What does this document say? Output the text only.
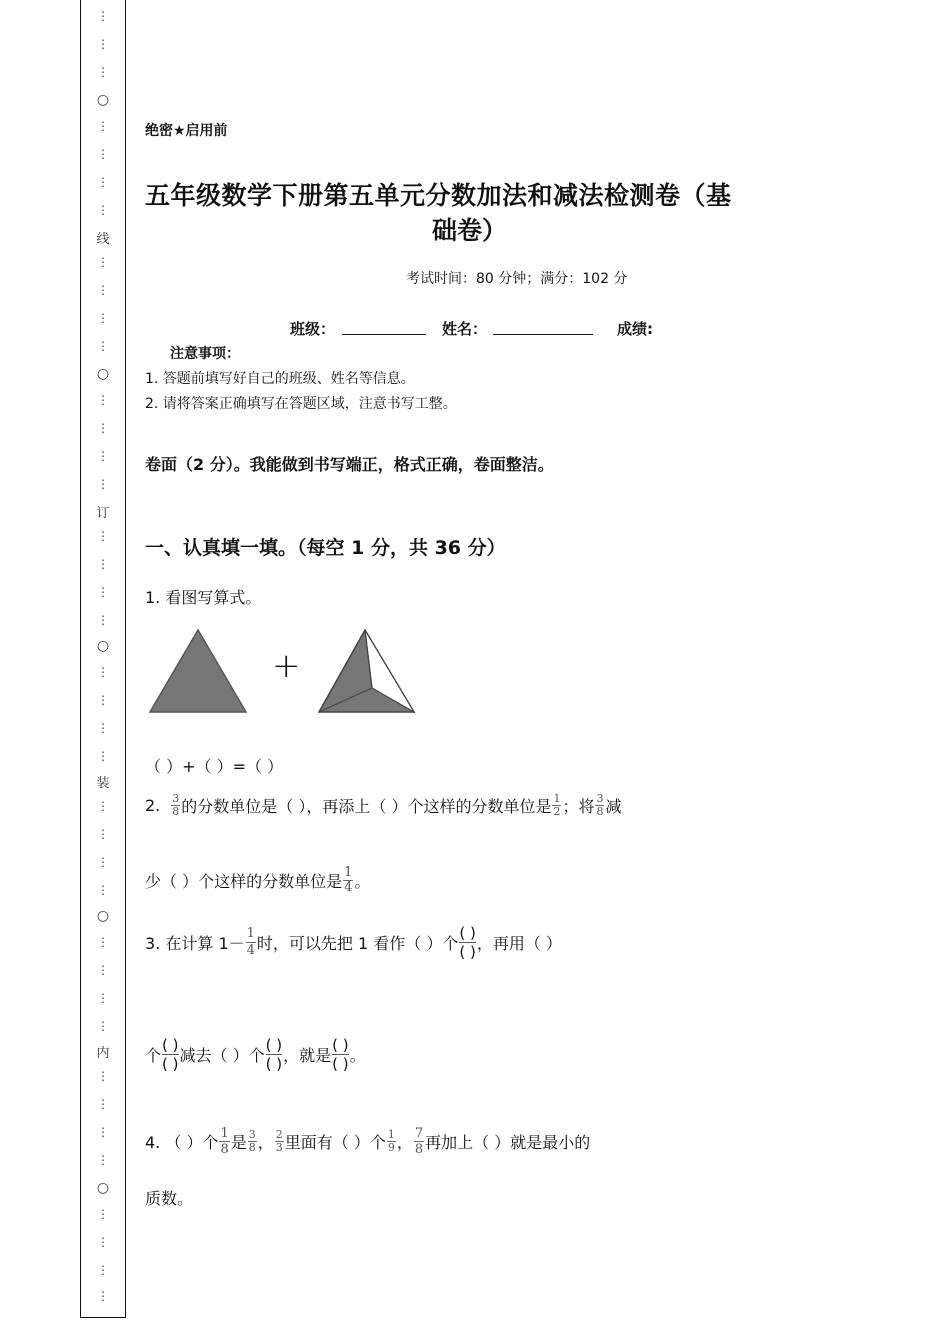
⋮
⋮
⋮
○
⋮
⋮
⋮
⋮
线
⋮
⋮
⋮
⋮
○
⋮
⋮
⋮
⋮
订
⋮
⋮
⋮
⋮
○
⋮
⋮
⋮
⋮
装
⋮
⋮
⋮
⋮
○
⋮
⋮
⋮
⋮
内
⋮
⋮
⋮
⋮
○
⋮
⋮
⋮
⋮
绝密★启用前
五年级数学下册第五单元分数加法和减法检测卷（基
础卷）
考试时间：80 分钟；满分：102 分
班级：	姓名：	成绩:
注意事项：
1. 答题前填写好自己的班级、姓名等信息。
2. 请将答案正确填写在答题区域，注意书写工整。
卷面（2 分）。我能做到书写端正，格式正确，卷面整洁。
一、认真填一填。（每空 1 分，共 36 分）
1. 看图写算式。
+
（ ）+（ ）=（ ）
2. $\frac{3}{8}$ 的分数单位是（ ），再添上（ ）个这样的分数单位是 $\frac{1}{2}$ ；将 $\frac{3}{8}$ 减
少（ ）个这样的分数单位是 $\frac{1}{4}$ 。
3. 在计算 $1- \frac{1}{4}$ 时，可以先把 1 看作（ ）个
( )
( ) ，再用（ ）
个
( )
( ) 减去（ ）个
( )
( ) ，就是
( )
( ) 。
4. （ ）个 $\frac{1}{8}$ 是 $\frac{3}{8}$ ， $\frac{2}{3}$ 里面有（ ）个 $\frac{1}{9}$ ， $\frac{7}{8}$ 再加上（ ）就是最小的
质数。
